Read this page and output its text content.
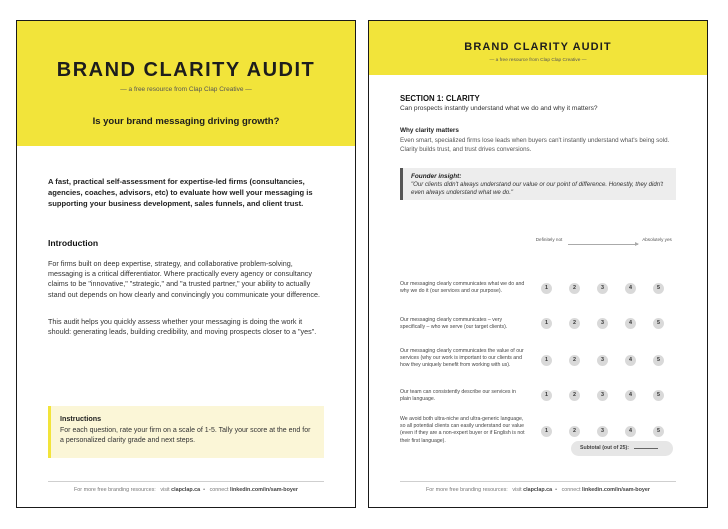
BRAND CLARITY AUDIT
— a free resource from Clap Clap Creative —
Is your brand messaging driving growth?
A fast, practical self-assessment for expertise-led firms (consultancies, agencies, coaches, advisors, etc) to evaluate how well your messaging is supporting your business development, sales funnels, and client trust.
Introduction
For firms built on deep expertise, strategy, and collaborative problem-solving, messaging is a critical differentiator. Where practically every agency or consultancy claims to be "innovative," "strategic," and "a trusted partner," your ability to actually stand out depends on how clearly and convincingly you communicate your difference.
This audit helps you quickly assess whether your messaging is doing the work it should: generating leads, building credibility, and moving prospects closer to a "yes".
Instructions
For each question, rate your firm on a scale of 1-5. Tally your score at the end for a personalized clarity grade and next steps.
For more free branding resources: visit clapclap.ca  •   connect linkedin.com/in/sam-boyer
BRAND CLARITY AUDIT
— a free resource from Clap Clap Creative —
SECTION 1: CLARITY
Can prospects instantly understand what we do and why it matters?
Why clarity matters
Even smart, specialized firms lose leads when buyers can't instantly understand what's being sold. Clarity builds trust, and trust drives conversions.
Founder insight:
"Our clients didn't always understand our value or our point of difference. Honestly, they didn't even always understand what we do."
Definitely not	Absolutely yes
Our messaging clearly communicates what we do and why we do it (our services and our purpose).
1	2	3	4	5
Our messaging clearly communicates – very specifically – who we serve (our target clients).
1	2	3	4	5
Our messaging clearly communicates the value of our services (why our work is important to our clients and how they uniquely benefit from working with us).
1	2	3	4	5
Our team can consistently describe our services in plain language.
1	2	3	4	5
We avoid both ultra-niche and ultra-generic language, so all potential clients can easily understand our value (even if they are a non-expert buyer or if English is not their first language).
1	2	3	4	5
Subtotal (out of 25):
For more free branding resources: visit clapclap.ca  •   connect linkedin.com/in/sam-boyer
